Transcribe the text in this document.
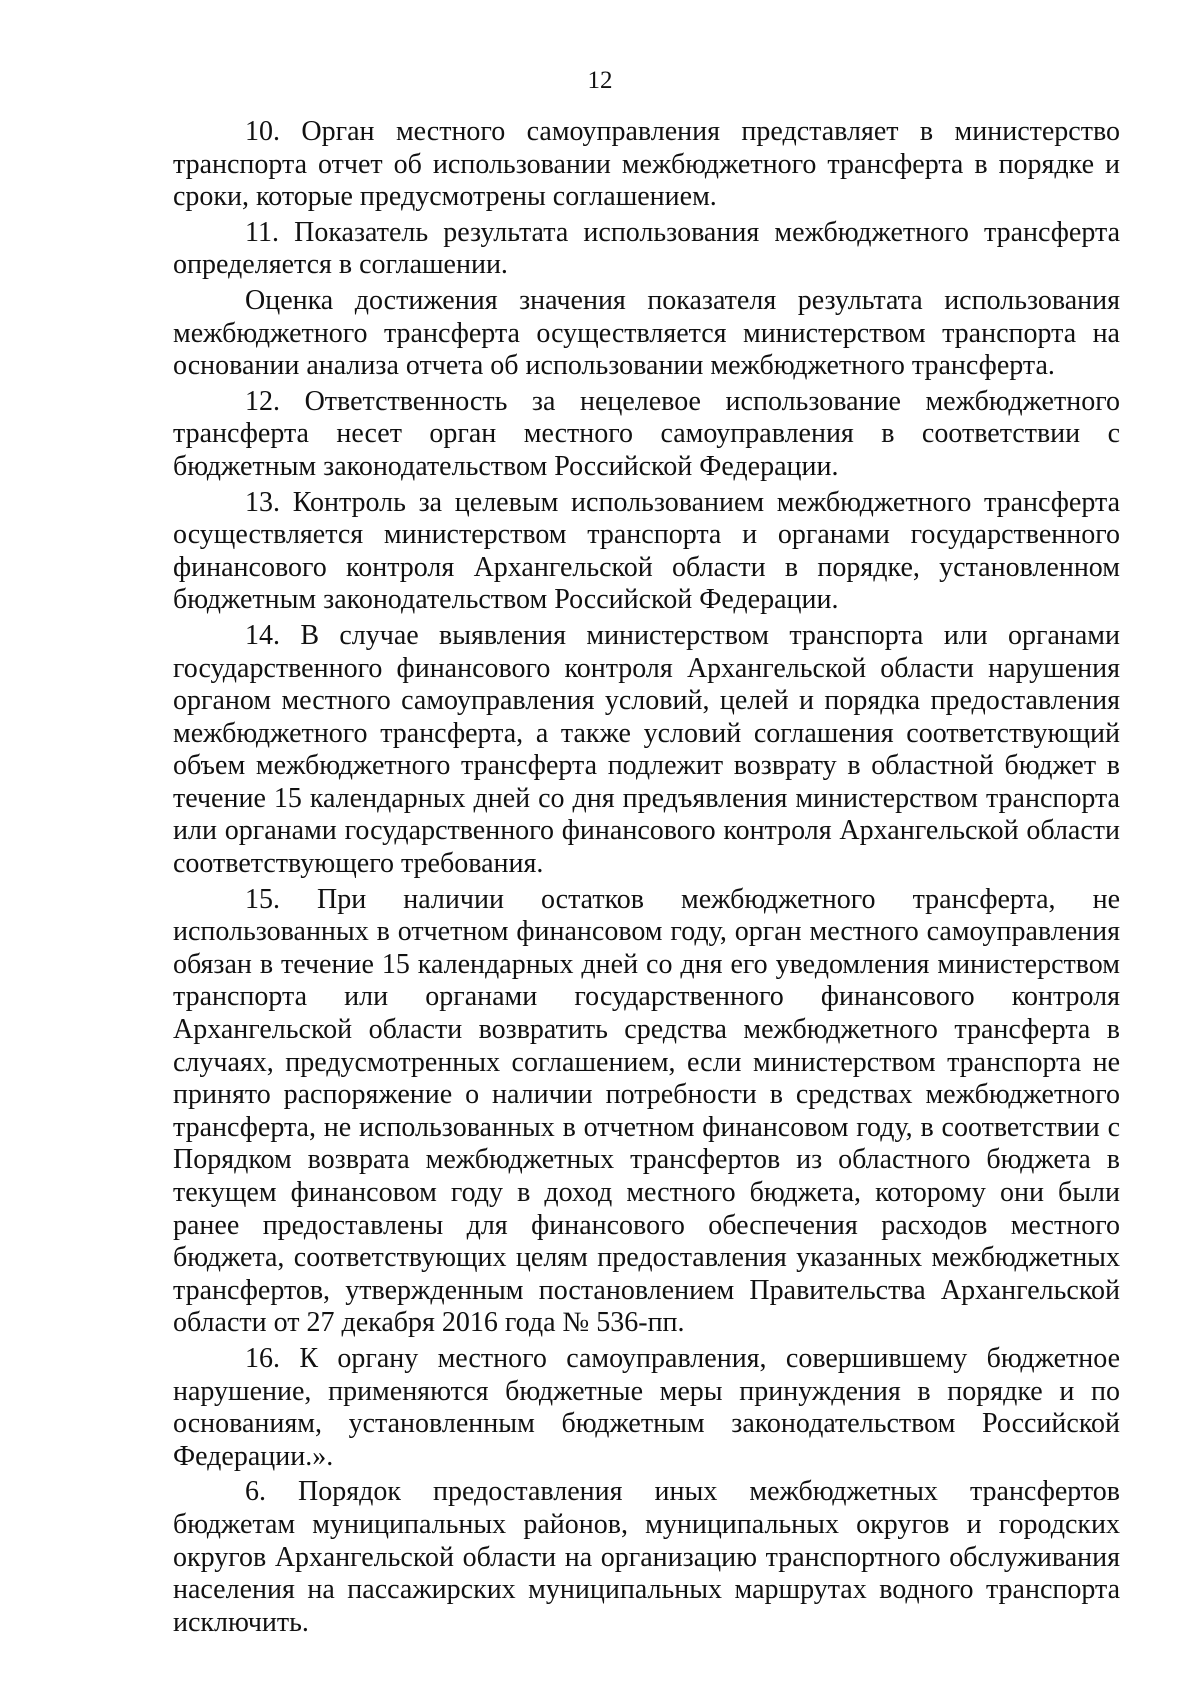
12

10. Орган местного самоуправления представляет в министерство транспорта отчет об использовании межбюджетного трансферта в порядке и сроки, которые предусмотрены соглашением.

11. Показатель результата использования межбюджетного трансферта определяется в соглашении.

Оценка достижения значения показателя результата использования межбюджетного трансферта осуществляется министерством транспорта на основании анализа отчета об использовании межбюджетного трансферта.

12. Ответственность за нецелевое использование межбюджетного трансферта несет орган местного самоуправления в соответствии с бюджетным законодательством Российской Федерации.

13. Контроль за целевым использованием межбюджетного трансферта осуществляется министерством транспорта и органами государственного финансового контроля Архангельской области в порядке, установленном бюджетным законодательством Российской Федерации.

14. В случае выявления министерством транспорта или органами государственного финансового контроля Архангельской области нарушения органом местного самоуправления условий, целей и порядка предоставления межбюджетного трансферта, а также условий соглашения соответствующий объем межбюджетного трансферта подлежит возврату в областной бюджет в течение 15 календарных дней со дня предъявления министерством транспорта или органами государственного финансового контроля Архангельской области соответствующего требования.

15. При наличии остатков межбюджетного трансферта, не использованных в отчетном финансовом году, орган местного самоуправления обязан в течение 15 календарных дней со дня его уведомления министерством транспорта или органами государственного финансового контроля Архангельской области возвратить средства межбюджетного трансферта в случаях, предусмотренных соглашением, если министерством транспорта не принято распоряжение о наличии потребности в средствах межбюджетного трансферта, не использованных в отчетном финансовом году, в соответствии с Порядком возврата межбюджетных трансфертов из областного бюджета в текущем финансовом году в доход местного бюджета, которому они были ранее предоставлены для финансового обеспечения расходов местного бюджета, соответствующих целям предоставления указанных межбюджетных трансфертов, утвержденным постановлением Правительства Архангельской области от 27 декабря 2016 года № 536-пп.

16. К органу местного самоуправления, совершившему бюджетное нарушение, применяются бюджетные меры принуждения в порядке и по основаниям, установленным бюджетным законодательством Российской Федерации.».

6. Порядок предоставления иных межбюджетных трансфертов бюджетам муниципальных районов, муниципальных округов и городских округов Архангельской области на организацию транспортного обслуживания населения на пассажирских муниципальных маршрутах водного транспорта исключить.
